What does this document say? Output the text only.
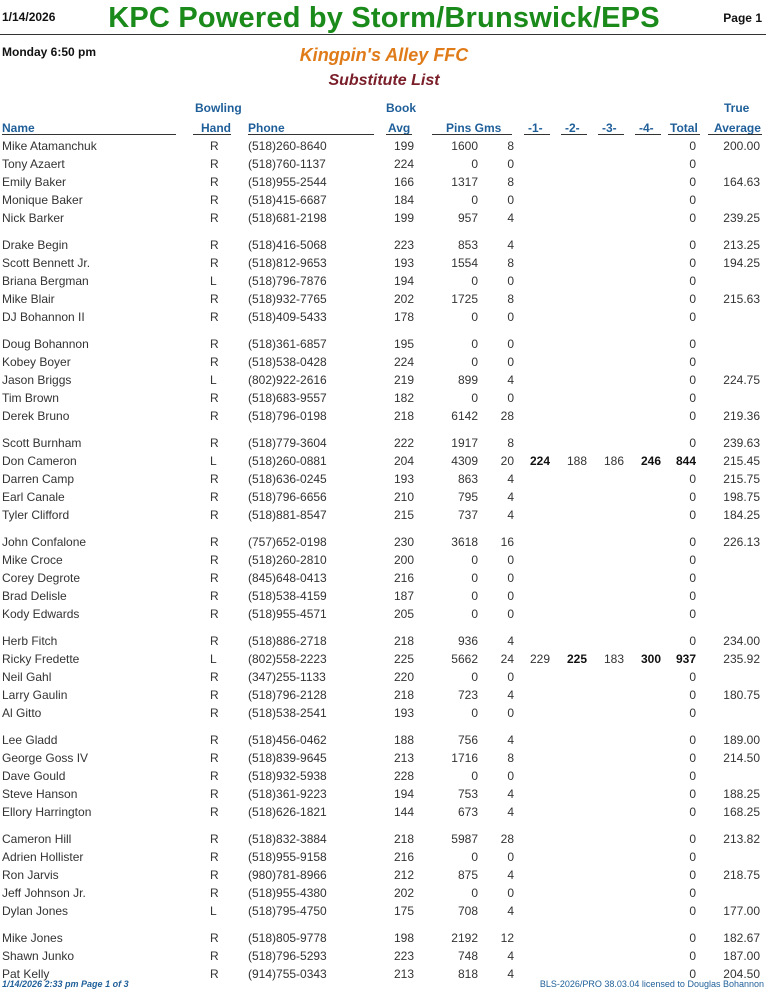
1/14/2026	KPC Powered by Storm/Brunswick/EPS	Page 1
Monday 6:50 pm	Kingpin's Alley FFC
Substitute List
Bowling	Book	True
Name	Hand Phone	Avg	Pins Gms -1- -2- -3- -4- Total Average
Mike Atamanchuk	R (518)260-8640	199	1600	8	0	200.00
Tony Azaert	R (518)760-1137	224	0	0	0
Emily Baker	R (518)955-2544	166	1317	8	0	164.63
Monique Baker	R (518)415-6687	184	0	0	0
Nick Barker	R (518)681-2198	199	957	4	0	239.25
Drake Begin	R (518)416-5068	223	853	4	0	213.25
Scott Bennett Jr.	R (518)812-9653	193	1554	8	0	194.25
Briana Bergman	L	(518)796-7876	194	0	0	0
Mike Blair	R (518)932-7765	202	1725	8	0	215.63
DJ Bohannon II	R (518)409-5433	178	0	0	0
Doug Bohannon	R (518)361-6857	195	0	0	0
Kobey Boyer	R (518)538-0428	224	0	0	0
Jason Briggs	L	(802)922-2616	219	899	4	0	224.75
Tim Brown	R (518)683-9557	182	0	0	0
Derek Bruno	R (518)796-0198	218	6142	28	0	219.36
Scott Burnham	R (518)779-3604	222	1917	8	0	239.63
Don Cameron	L	(518)260-0881	204	4309	20	224	188	186	246	844	215.45
Darren Camp	R (518)636-0245	193	863	4	0	215.75
Earl Canale	R (518)796-6656	210	795	4	0	198.75
Tyler Clifford	R (518)881-8547	215	737	4	0	184.25
John Confalone	R (757)652-0198	230	3618	16	0	226.13
Mike Croce	R (518)260-2810	200	0	0	0
Corey Degrote	R (845)648-0413	216	0	0	0
Brad Delisle	R (518)538-4159	187	0	0	0
Kody Edwards	R (518)955-4571	205	0	0	0
Herb Fitch	R (518)886-2718	218	936	4	0	234.00
Ricky Fredette	L	(802)558-2223	225	5662	24	229	225	183	300	937	235.92
Neil Gahl	R (347)255-1133	220	0	0	0
Larry Gaulin	R (518)796-2128	218	723	4	0	180.75
Al Gitto	R (518)538-2541	193	0	0	0
Lee Gladd	R (518)456-0462	188	756	4	0	189.00
George Goss IV	R (518)839-9645	213	1716	8	0	214.50
Dave Gould	R (518)932-5938	228	0	0	0
Steve Hanson	R (518)361-9223	194	753	4	0	188.25
Ellory Harrington	R (518)626-1821	144	673	4	0	168.25
Cameron Hill	R (518)832-3884	218	5987	28	0	213.82
Adrien Hollister	R (518)955-9158	216	0	0	0
Ron Jarvis	R (980)781-8966	212	875	4	0	218.75
Jeff Johnson Jr.	R (518)955-4380	202	0	0	0
Dylan Jones	L	(518)795-4750	175	708	4	0	177.00
Mike Jones	R (518)805-9778	198	2192	12	0	182.67
Shawn Junko	R (518)796-5293	223	748	4	0	187.00
Pat Kelly	R (914)755-0343	213	818	4	0	204.50
1/14/2026 2:33 pm Page 1 of 3	BLS-2026/PRO 38.03.04 licensed to Douglas Bohannon
